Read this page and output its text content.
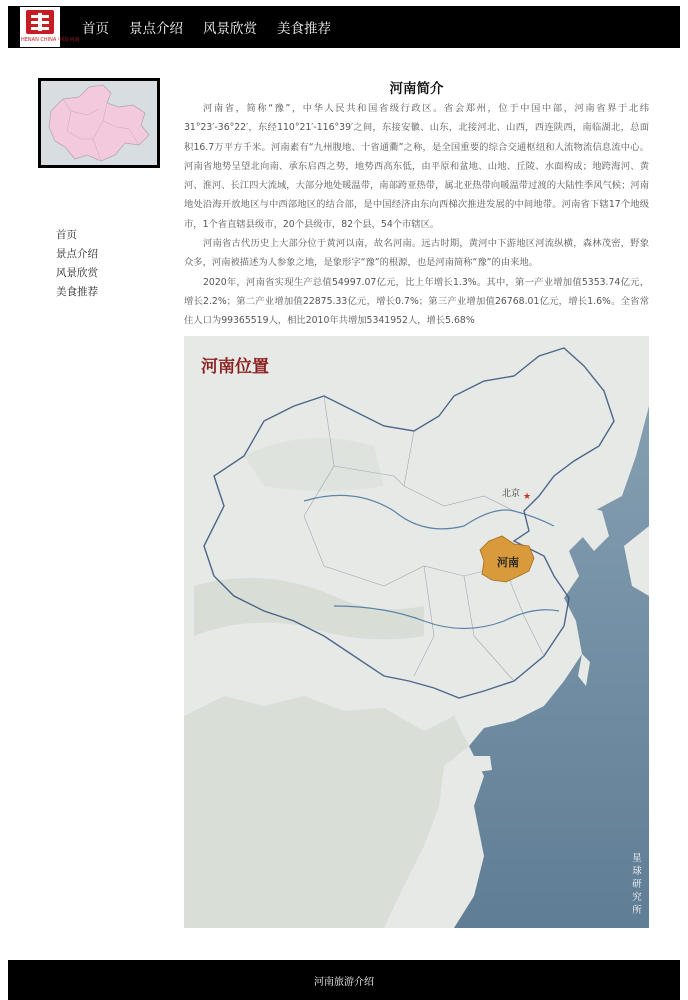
HENAN CHINA 中国·河南
首页 景点介绍 风景欣赏 美食推荐
首页
景点介绍
风景欣赏
美食推荐
河南简介

河南省，简称“豫”，中华人民共和国省级行政区。省会郑州，位于中国中部，河南省界于北纬31°23′-36°22′，东经110°21′-116°39′之间，东接安徽、山东，北接河北、山西，西连陕西，南临湖北，总面积16.7万平方千米。河南素有“九州腹地、十省通衢”之称，是全国重要的综合交通枢纽和人流物流信息流中心。河南省地势呈望北向南、承东启西之势，地势西高东低，由平原和盆地、山地、丘陵、水面构成；地跨海河、黄河、淮河、长江四大流域，大部分地处暖温带，南部跨亚热带，属北亚热带向暖温带过渡的大陆性季风气候；河南地处沿海开放地区与中西部地区的结合部，是中国经济由东向西梯次推进发展的中间地带。河南省下辖17个地级市，1个省直辖县级市，20个县级市，82个县，54个市辖区。

河南省古代历史上大部分位于黄河以南，故名河南。远古时期，黄河中下游地区河流纵横，森林茂密，野象众多，河南被描述为人参象之地，是象形字“豫”的根源，也是河南简称“豫”的由来地。

2020年，河南省实现生产总值54997.07亿元，比上年增长1.3%。其中，第一产业增加值5353.74亿元，增长2.2%；第二产业增加值22875.33亿元，增长0.7%；第三产业增加值26768.01亿元，增长1.6%。全省常住人口为99365519人，相比2010年共增加5341952人，增长5.68%

★
河南位置
北京
河南
星球研究所
河南旅游介绍
